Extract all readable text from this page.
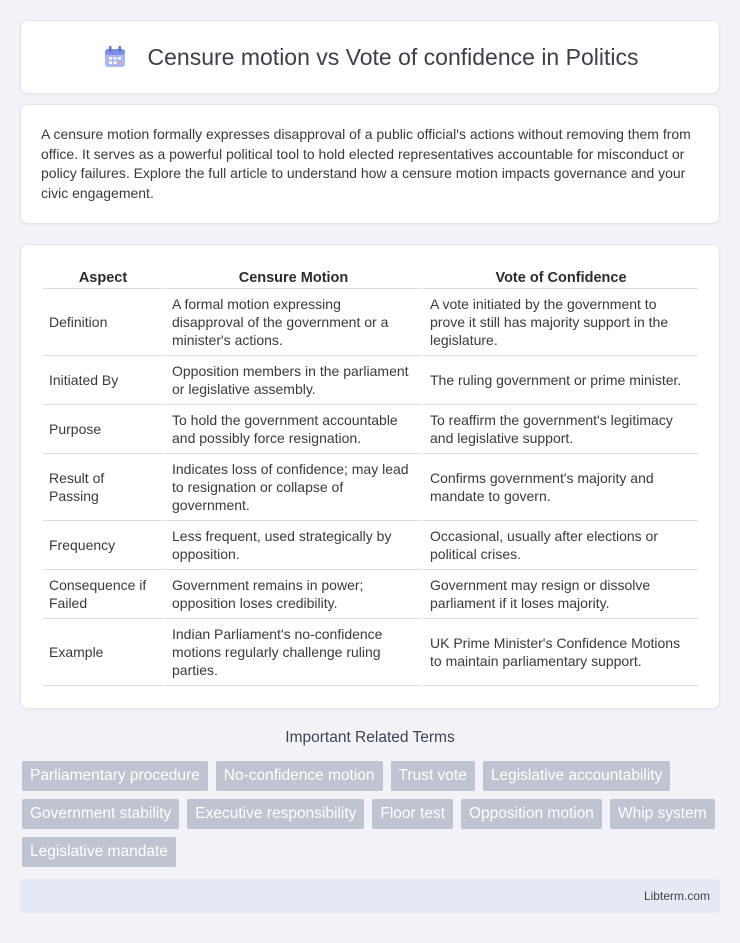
Censure motion vs Vote of confidence in Politics

A censure motion formally expresses disapproval of a public official's actions without removing them from office. It serves as a powerful political tool to hold elected representatives accountable for misconduct or policy failures. Explore the full article to understand how a censure motion impacts governance and your civic engagement.

Aspect	Censure Motion	Vote of Confidence
Definition	A formal motion expressing disapproval of the government or a minister's actions.	A vote initiated by the government to prove it still has majority support in the legislature.
Initiated By	Opposition members in the parliament or legislative assembly.	The ruling government or prime minister.
Purpose	To hold the government accountable and possibly force resignation.	To reaffirm the government's legitimacy and legislative support.
Result of Passing	Indicates loss of confidence; may lead to resignation or collapse of government.	Confirms government's majority and mandate to govern.
Frequency	Less frequent, used strategically by opposition.	Occasional, usually after elections or political crises.
Consequence if Failed	Government remains in power; opposition loses credibility.	Government may resign or dissolve parliament if it loses majority.
Example	Indian Parliament's no-confidence motions regularly challenge ruling parties.	UK Prime Minister's Confidence Motions to maintain parliamentary support.
Important Related Terms
Parliamentary procedure	No-confidence motion	Trust vote	Legislative accountability
Government stability	Executive responsibility	Floor test	Opposition motion	Whip system
Legislative mandate
Libterm.com
